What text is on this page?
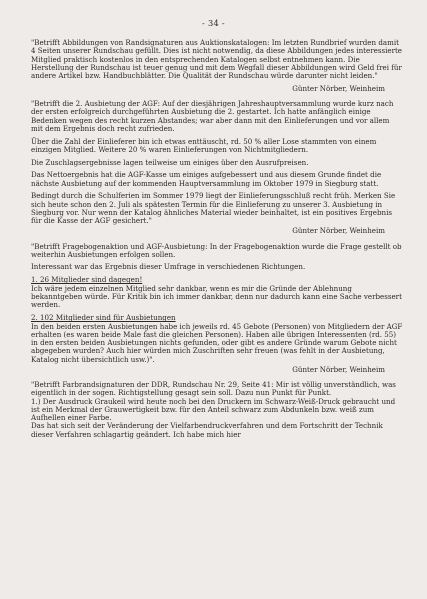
- 34 -

"Betrifft Abbildungen von Randsignaturen aus Auktionskatalogen: Im letzten Rundbrief wurden damit 4 Seiten unserer Rundschau gefüllt. Dies ist nicht notwendig, da diese Abbildungen jedes interessierte Mitglied praktisch kostenlos in den entsprechenden Katalogen selbst entnehmen kann. Die Herstellung der Rundschau ist teuer genug und mit dem Wegfall dieser Abbildungen wird Geld frei für andere Artikel bzw. Handbuchblätter. Die Qualität der Rundschau würde darunter nicht leiden."

Günter Nörber, Weinheim

"Betrifft die 2. Ausbietung der AGF: Auf der diesjährigen Jahreshauptversammlung wurde kurz nach der ersten erfolgreich durchgeführten Ausbietung die 2. gestartet. Ich hatte anfänglich einige Bedenken wegen des recht kurzen Abstandes; war aber dann mit den Einlieferungen und vor allem mit dem Ergebnis doch recht zufrieden.

Über die Zahl der Einlieferer bin ich etwas enttäuscht, rd. 50 % aller Lose stammten von einem einzigen Mitglied. Weitere 20 % waren Einlieferungen von Nichtmitgliedern.

Die Zuschlagsergebnisse lagen teilweise um einiges über den Ausrufpreisen.

Das Nettoergebnis hat die AGF-Kasse um einiges aufgebessert und aus diesem Grunde findet die nächste Ausbietung auf der kommenden Hauptversammlung im Oktober 1979 in Siegburg statt.

Bedingt durch die Schulferien im Sommer 1979 liegt der Einlieferungsschluß recht früh. Merken Sie sich heute schon den 2. Juli als spätesten Termin für die Einlieferung zu unserer 3. Ausbietung in Siegburg vor. Nur wenn der Katalog ähnliches Material wieder beinhaltet, ist ein positives Ergebnis für die Kasse der AGF gesichert."

Günter Nörber, Weinheim

"Betrifft Fragebogenaktion und AGF-Ausbietung: In der Fragebogenaktion wurde die Frage gestellt ob weiterhin Ausbietungen erfolgen sollen.

Interessant war das Ergebnis dieser Umfrage in verschiedenen Richtungen.

1. 26 Mitglieder sind dagegen!

Ich wäre jedem einzelnen Mitglied sehr dankbar, wenn es mir die Gründe der Ablehnung bekanntgeben würde. Für Kritik bin ich immer dankbar, denn nur dadurch kann eine Sache verbessert werden.

2. 102 Mitglieder sind für Ausbietungen

In den beiden ersten Ausbietungen habe ich jeweils rd. 45 Gebote (Personen) von Mitgliedern der AGF erhalten (es waren beide Male fast die gleichen Personen). Haben alle übrigen Interessenten (rd. 55) in den ersten beiden Ausbietungen nichts gefunden, oder gibt es andere Gründe warum Gebote nicht abgegeben wurden? Auch hier würden mich Zuschriften sehr freuen (was fehlt in der Ausbietung, Katalog nicht übersichtlich usw.)".

Günter Nörber, Weinheim

"Betrifft Farbrandsignaturen der DDR, Rundschau Nr. 29, Seite 41: Mir ist völlig unverständlich, was eigentlich in der sogen. Richtigstellung gesagt sein soll. Dazu nun Punkt für Punkt.

1.) Der Ausdruck Graukeil wird heute noch bei den Druckern im Schwarz-Weiß-Druck gebraucht und ist ein Merkmal der Grauwertigkeit bzw. für den Anteil schwarz zum Abdunkeln bzw. weiß zum Aufhellen einer Farbe.

Das hat sich seit der Veränderung der Vielfarbendruckverfahren und dem Fortschritt der Technik dieser Verfahren schlagartig geändert. Ich habe mich hier
